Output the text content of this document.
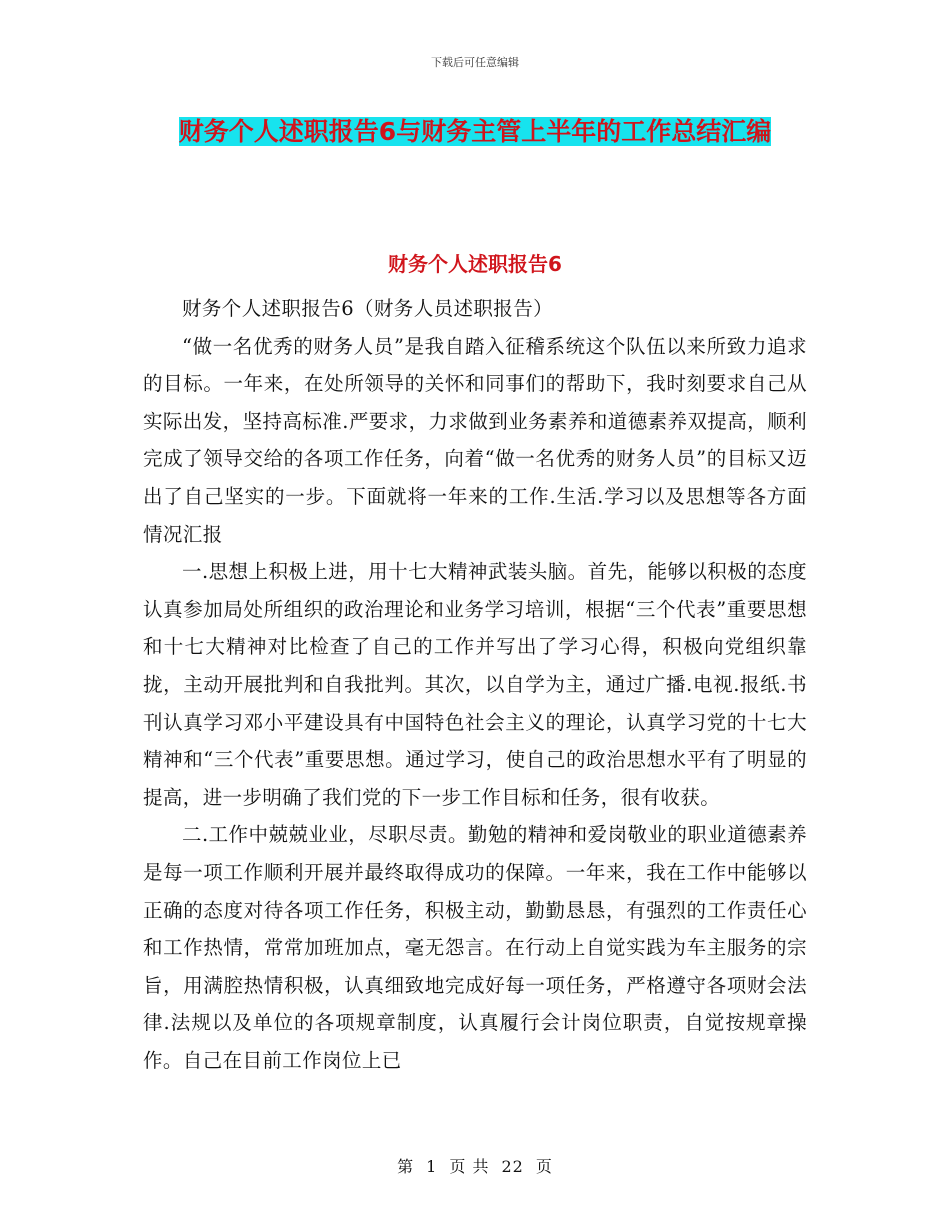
下载后可任意编辑
财务个人述职报告6与财务主管上半年的工作总结汇编
财务个人述职报告6

财务个人述职报告6（财务人员述职报告）

“做一名优秀的财务人员”是我自踏入征稽系统这个队伍以来所致力追求的目标。一年来，在处所领导的关怀和同事们的帮助下，我时刻要求自己从实际出发，坚持高标准.严要求，力求做到业务素养和道德素养双提高，顺利完成了领导交给的各项工作任务，向着“做一名优秀的财务人员”的目标又迈出了自己坚实的一步。下面就将一年来的工作.生活.学习以及思想等各方面情况汇报

一.思想上积极上进，用十七大精神武装头脑。首先，能够以积极的态度认真参加局处所组织的政治理论和业务学习培训，根据“三个代表”重要思想和十七大精神对比检查了自己的工作并写出了学习心得，积极向党组织靠拢，主动开展批判和自我批判。其次，以自学为主，通过广播.电视.报纸.书刊认真学习邓小平建设具有中国特色社会主义的理论，认真学习党的十七大精神和“三个代表”重要思想。通过学习，使自己的政治思想水平有了明显的提高，进一步明确了我们党的下一步工作目标和任务，很有收获。

二.工作中兢兢业业，尽职尽责。勤勉的精神和爱岗敬业的职业道德素养是每一项工作顺利开展并最终取得成功的保障。一年来，我在工作中能够以正确的态度对待各项工作任务，积极主动，勤勤恳恳，有强烈的工作责任心和工作热情，常常加班加点，毫无怨言。在行动上自觉实践为车主服务的宗旨，用满腔热情积极，认真细致地完成好每一项任务，严格遵守各项财会法律.法规以及单位的各项规章制度，认真履行会计岗位职责，自觉按规章操作。自己在目前工作岗位上已

第 1 页 共 22 页
